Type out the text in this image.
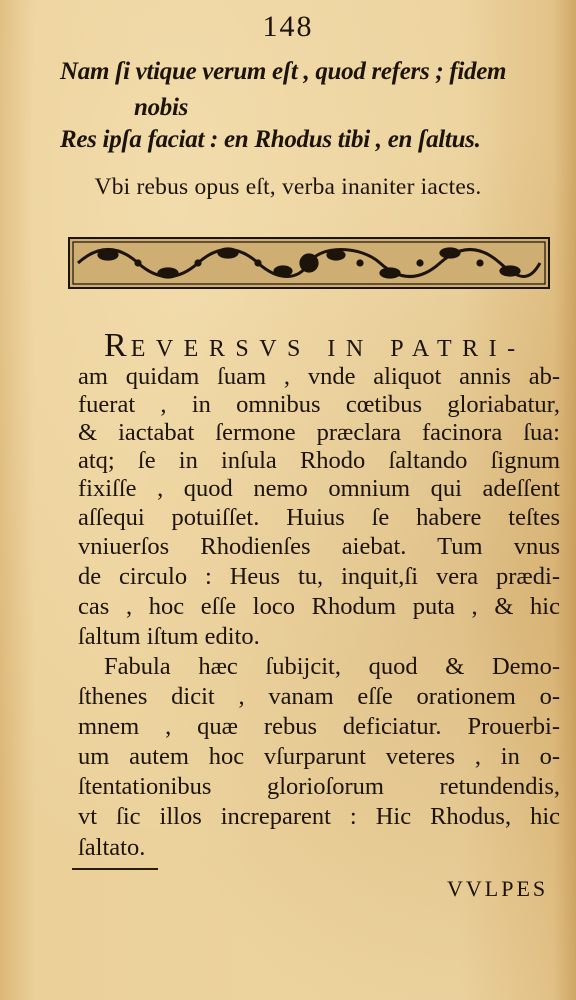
148
Nam ſi vtique verum eſt , quod refers ; fidem
nobis
Res ipſa faciat : en Rhodus tibi , en ſaltus.
Vbi rebus opus eſt, verba inaniter iactes.
REVERSVS IN PATRI-
am quidam ſuam , vnde aliquot annis ab-
fuerat , in omnibus cœtibus gloriabatur,
& iactabat ſermone præclara facinora ſua:
atq; ſe in inſula Rhodo ſaltando ſignum
fixiſſe , quod nemo omnium qui adeſſent
aſſequi potuiſſet. Huius ſe habere teſtes
vniuerſos Rhodienſes aiebat. Tum vnus
de circulo : Heus tu, inquit,ſi vera prædi-
cas , hoc eſſe loco Rhodum puta , & hic
ſaltum iſtum edito.
Fabula hæc ſubijcit, quod & Demo-
ſthenes dicit , vanam eſſe orationem o-
mnem , quæ rebus deficiatur. Prouerbi-
um autem hoc vſurparunt veteres , in o-
ſtentationibus glorioſorum retundendis,
vt ſic illos increparent : Hic Rhodus, hic
ſaltato.
VVLPES
